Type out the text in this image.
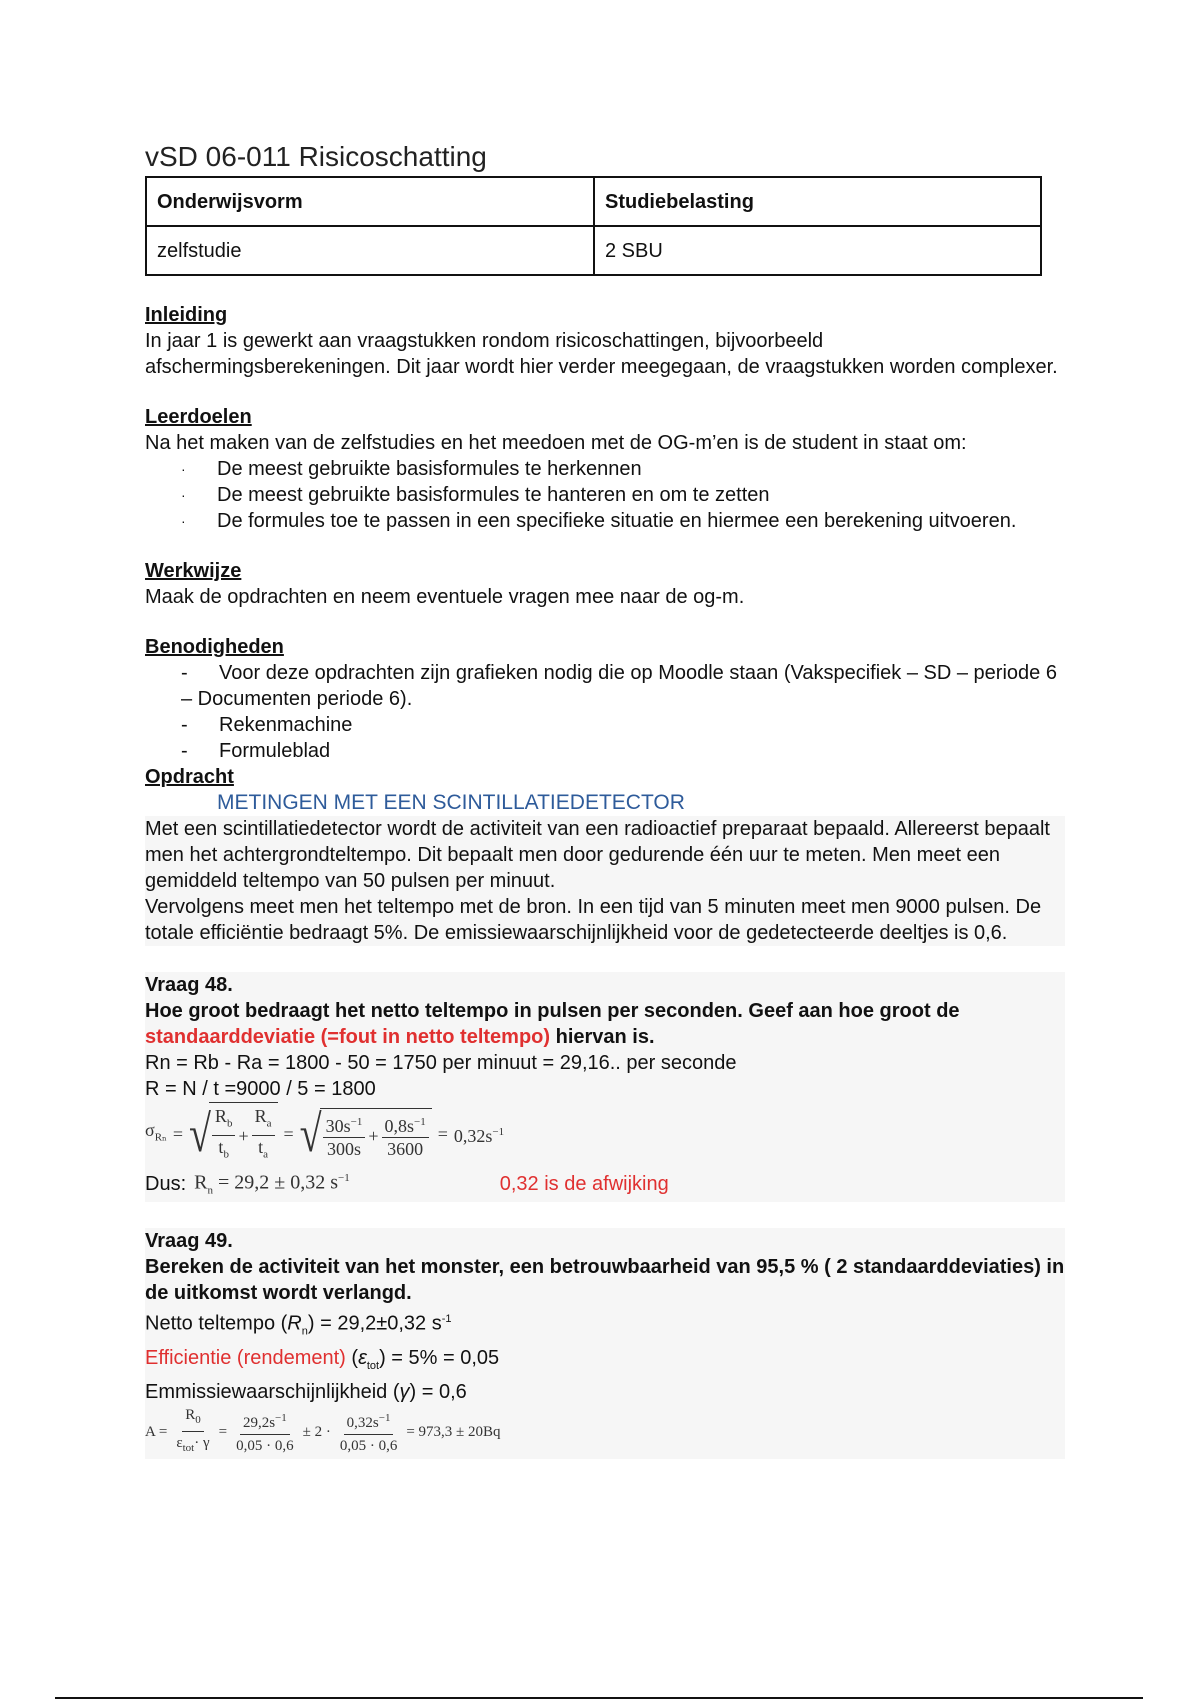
vSD 06-011 Risicoschatting
Onderwijsvorm	Studiebelasting
zelfstudie	2 SBU
Inleiding

In jaar 1 is gewerkt aan vraagstukken rondom risicoschattingen, bijvoorbeeld afschermingsberekeningen. Dit jaar wordt hier verder meegegaan, de vraagstukken worden complexer.

Leerdoelen

Na het maken van de zelfstudies en het meedoen met de OG-m’en is de student in staat om:

· De meest gebruikte basisformules te herkennen
· De meest gebruikte basisformules te hanteren en om te zetten
· De formules toe te passen in een specifieke situatie en hiermee een berekening uitvoeren.
Werkwijze

Maak de opdrachten en neem eventuele vragen mee naar de og-m.

Benodigheden
- Voor deze opdrachten zijn grafieken nodig die op Moodle staan (Vakspecifiek – SD – periode 6 – Documenten periode 6).
- Rekenmachine
- Formuleblad
Opdracht
METINGEN MET EEN SCINTILLATIEDETECTOR

Met een scintillatiedetector wordt de activiteit van een radioactief preparaat bepaald. Allereerst bepaalt men het achtergrondteltempo. Dit bepaalt men door gedurende één uur te meten. Men meet een gemiddeld teltempo van 50 pulsen per minuut.

Vervolgens meet men het teltempo met de bron. In een tijd van 5 minuten meet men 9000 pulsen. De totale efficiëntie bedraagt 5%. De emissiewaarschijnlijkheid voor de gedetecteerde deeltjes is 0,6.

Vraag 48.

Hoe groot bedraagt het netto teltempo in pulsen per seconden. Geef aan hoe groot de standaarddeviatie (=fout in netto teltempo) hiervan is.

Rn = Rb - Ra = 1800 - 50 = 1750 per minuut = 29,16.. per seconde

R = N / t =9000 / 5 = 1800

$\sigma_{R_n}$ = √ $\frac{R_b}{t_b} + \frac{R_a}{t_a}$ = √ $\frac{30s^{-1}}{300s} + \frac{0,8s^{-1}}{3600} = 0,32s^{-1}$
Dus: $R_n = 29,2 \pm 0,32$ $s^{-1}$	0,32 is de afwijking
Vraag 49.

Bereken de activiteit van het monster, een betrouwbaarheid van 95,5 % ( 2 standaarddeviaties) in de uitkomst wordt verlangd.

Netto teltempo $(R_n) = 29,2\pm 0,32$ $s^{-1}$

Efficientie (rendement) $(\varepsilon_{tot}) = 5\% = 0,05$

Emmissiewaarschijnlijkheid (γ) = 0,6

$A = \frac{R_0}{\varepsilon_{tot}\cdot \gamma} = \frac{29,2s^{-1}}{0,05 \cdot 0,6} \pm 2 \cdot \frac{0,32s^{-1}}{0,05 \cdot 0,6} = 973,3 \pm 20Bq$
